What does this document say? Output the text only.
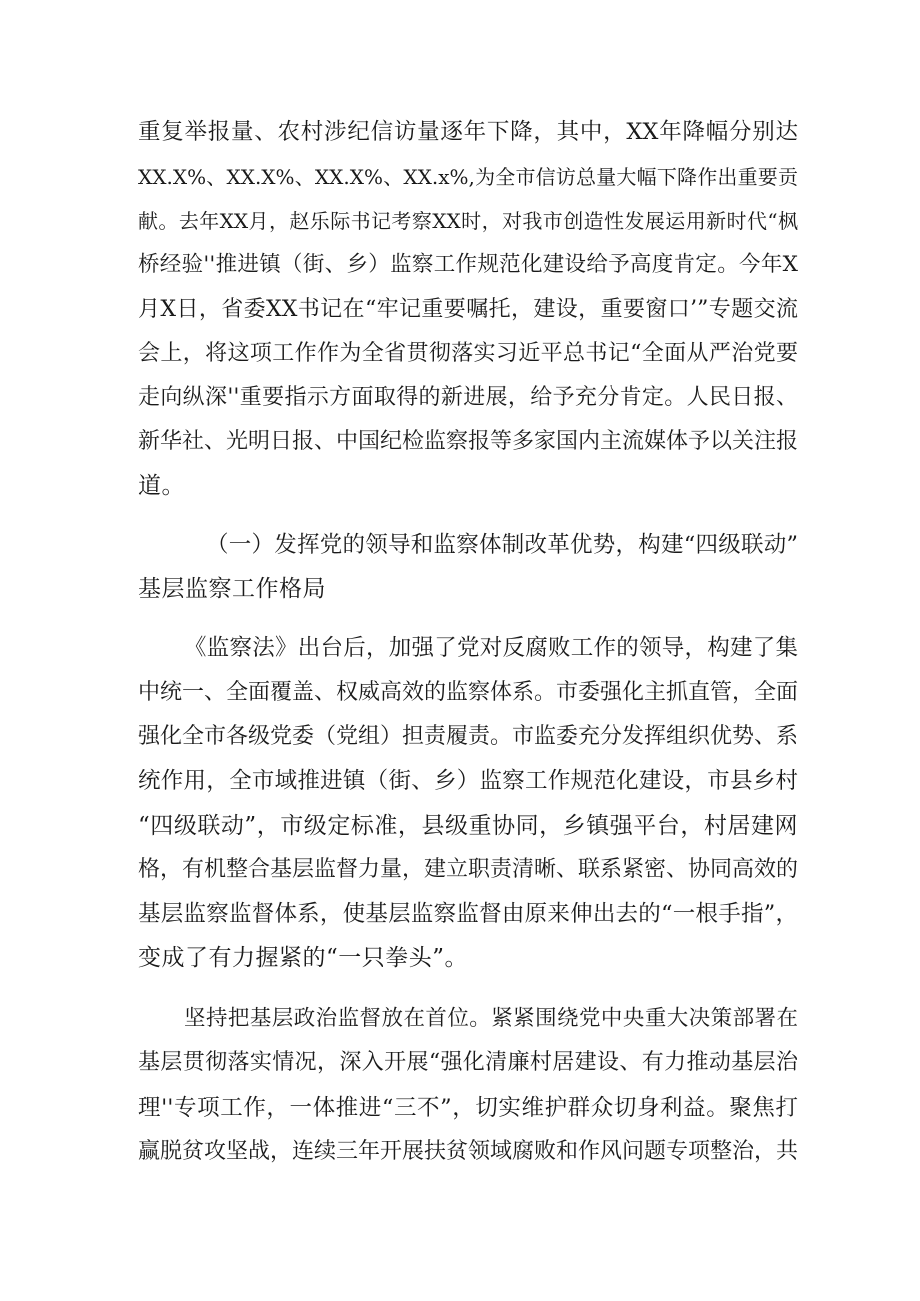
重复举报量、农村涉纪信访量逐年下降，其中，XX年降幅分别达
XX.X%、XX.X%、XX.X%、XX.x%,为全市信访总量大幅下降作出重要贡
献。去年XX月，赵乐际书记考察XX时，对我市创造性发展运用新时代“枫
桥经验''推进镇（街、乡）监察工作规范化建设给予高度肯定。今年X
月X日，省委XX书记在“牢记重要嘱托，建设，重要窗口’”专题交流
会上，将这项工作作为全省贯彻落实习近平总书记“全面从严治党要
走向纵深''重要指示方面取得的新进展，给予充分肯定。人民日报、
新华社、光明日报、中国纪检监察报等多家国内主流媒体予以关注报
道。
（一）发挥党的领导和监察体制改革优势，构建“四级联动”
基层监察工作格局
《监察法》出台后，加强了党对反腐败工作的领导，构建了集
中统一、全面覆盖、权威高效的监察体系。市委强化主抓直管，全面
强化全市各级党委（党组）担责履责。市监委充分发挥组织优势、系
统作用，全市域推进镇（街、乡）监察工作规范化建设，市县乡村
“四级联动”，市级定标准，县级重协同，乡镇强平台，村居建网
格，有机整合基层监督力量，建立职责清晰、联系紧密、协同高效的
基层监察监督体系，使基层监察监督由原来伸出去的“一根手指”，
变成了有力握紧的“一只拳头”。
坚持把基层政治监督放在首位。紧紧围绕党中央重大决策部署在
基层贯彻落实情况，深入开展“强化清廉村居建设、有力推动基层治
理''专项工作，一体推进“三不”，切实维护群众切身利益。聚焦打
赢脱贫攻坚战，连续三年开展扶贫领域腐败和作风问题专项整治，共
